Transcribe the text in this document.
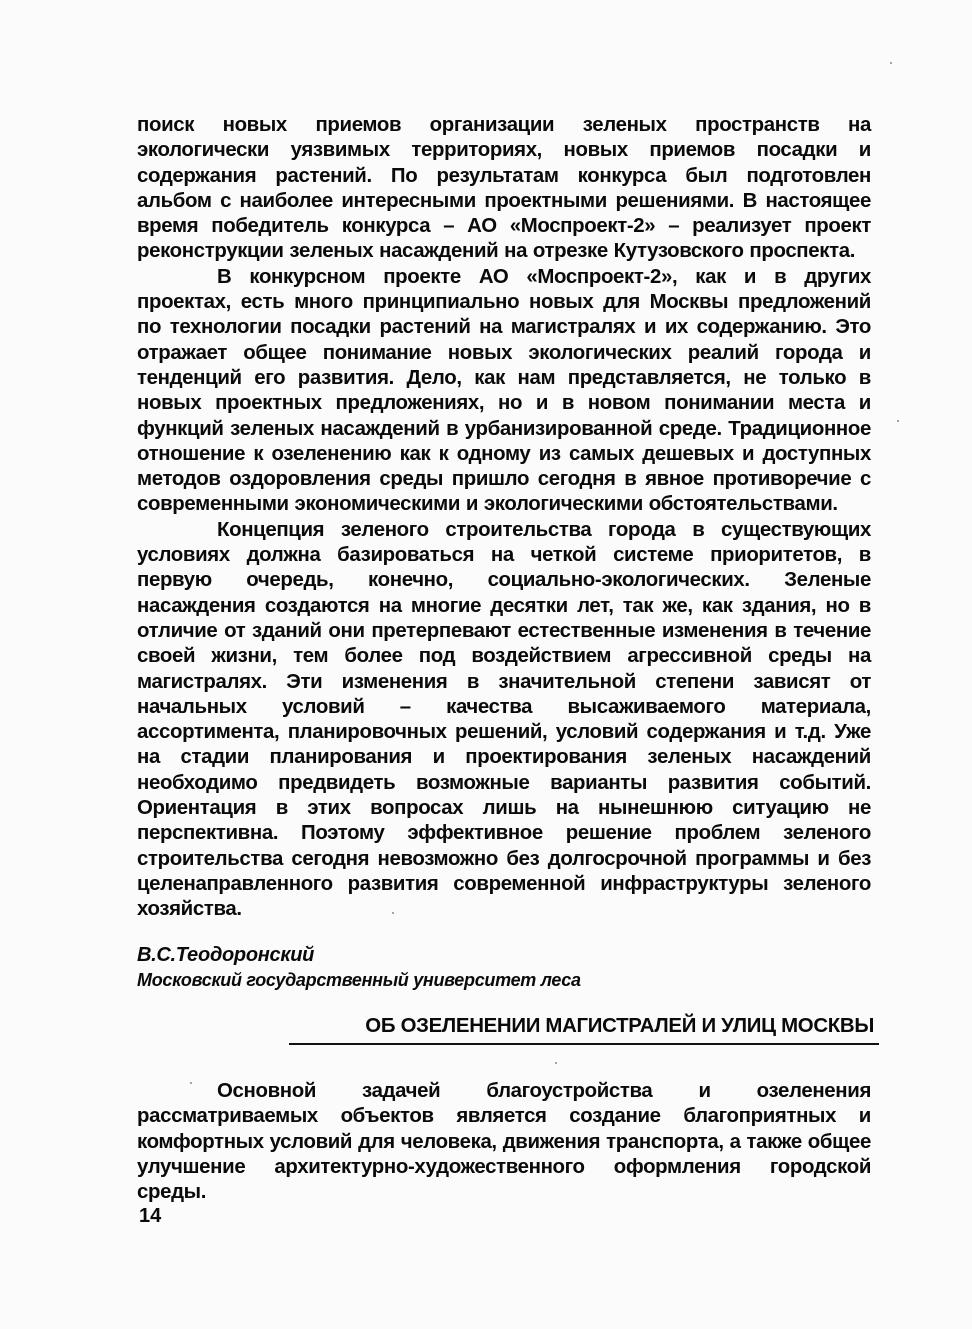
поиск новых приемов организации зеленых пространств на экологически уязвимых территориях, новых приемов посадки и содержания растений. По результатам конкурса был подготовлен альбом с наиболее интересными проектными решениями. В настоящее время победитель конкурса – АО «Моспроект-2» – реализует проект реконструкции зеленых насаждений на отрезке Кутузовского проспекта.

В конкурсном проекте АО «Моспроект-2», как и в других проектах, есть много принципиально новых для Москвы предложений по технологии посадки растений на магистралях и их содержанию. Это отражает общее понимание новых экологических реалий города и тенденций его развития. Дело, как нам представляется, не только в новых проектных предложениях, но и в новом понимании места и функций зеленых насаждений в урбанизированной среде. Традиционное отношение к озеленению как к одному из самых дешевых и доступных методов оздоровления среды пришло сегодня в явное противоречие с современными экономическими и экологическими обстоятельствами.

Концепция зеленого строительства города в существующих условиях должна базироваться на четкой системе приоритетов, в первую очередь, конечно, социально-экологических. Зеленые насаждения создаются на многие десятки лет, так же, как здания, но в отличие от зданий они претерпевают естественные изменения в течение своей жизни, тем более под воздействием агрессивной среды на магистралях. Эти изменения в значительной степени зависят от начальных условий – качества высаживаемого материала, ассортимента, планировочных решений, условий содержания и т.д. Уже на стадии планирования и проектирования зеленых насаждений необходимо предвидеть возможные варианты развития событий. Ориентация в этих вопросах лишь на нынешнюю ситуацию не перспективна. Поэтому эффективное решение проблем зеленого строительства сегодня невозможно без долгосрочной программы и без целенаправленного развития современной инфраструктуры зеленого хозяйства.

В.С.Теодоронский
Московский государственный университет леса
ОБ ОЗЕЛЕНЕНИИ МАГИСТРАЛЕЙ И УЛИЦ МОСКВЫ

Основной задачей благоустройства и озеленения рассматриваемых объектов является создание благоприятных и комфортных условий для человека, движения транспорта, а также общее улучшение архитектурно-художественного оформления городской среды.

14
